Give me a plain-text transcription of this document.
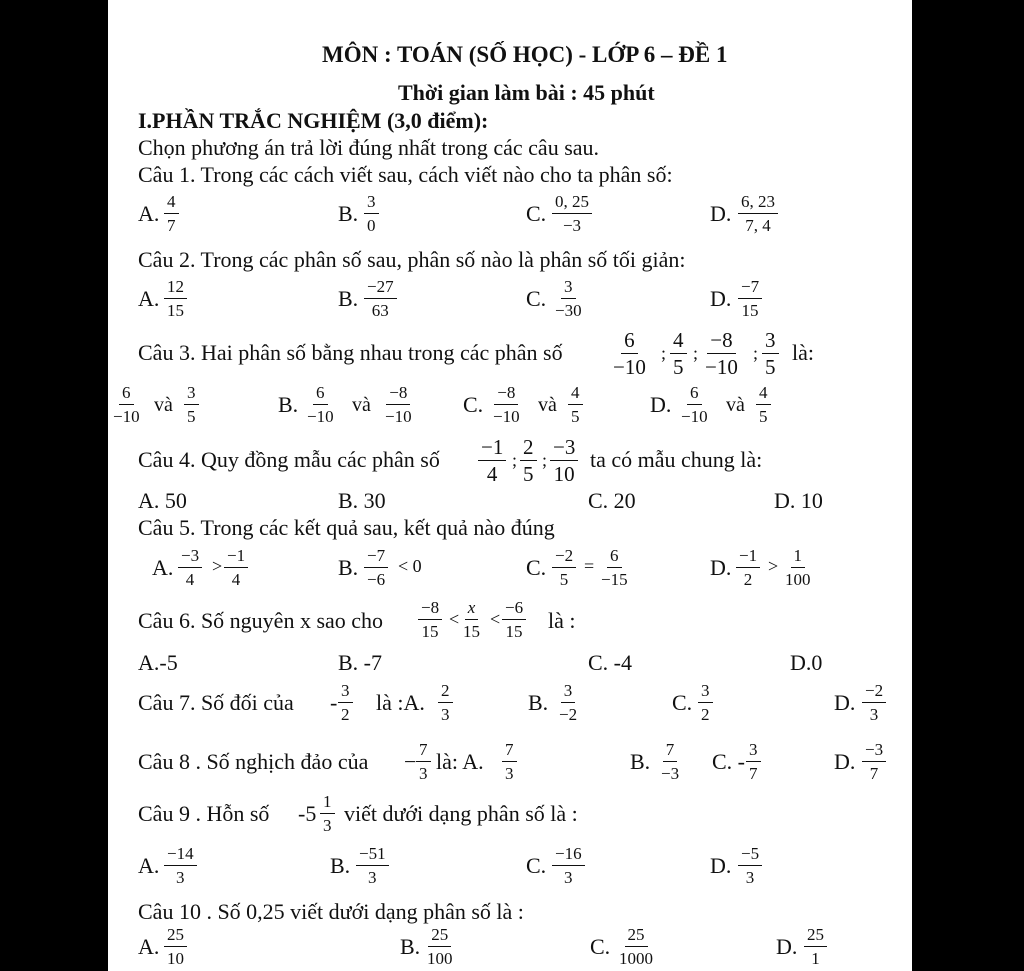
MÔN : TOÁN (SỐ HỌC) - LỚP 6 – ĐỀ 1
Thời gian làm bài : 45 phút
I.PHẦN TRẮC NGHIỆM (3,0 điểm):
Chọn phương án trả lời đúng nhất trong các câu sau.
Câu 1. Trong các cách viết sau, cách viết nào cho ta phân số:
A. $\frac{4}{7}$	B. $\frac{3}{0}$	C. $\frac{0, 25}{-3}$	D. $\frac{6, 23}{7, 4}$
Câu 2. Trong các phân số sau, phân số nào là phân số tối giản:
A. $\frac{12}{15}$	B. $\frac{-27}{63}$	C. $\frac{3}{-30}$	D. $\frac{-7}{15}$
Câu 3. Hai phân số bằng nhau trong các phân số $\frac{6}{-10}$ ; $\frac{4}{5}$ ; $\frac{-8}{-10}$ ; $\frac{3}{5}$ là:
$\frac{6}{-10}$ và $\frac{3}{5}$	B. $\frac{6}{-10}$ và $\frac{-8}{-10} C$. $\frac{-8}{-10}$ và $\frac{4}{5}$	D. $\frac{6}{-10}$ và $\frac{4}{5}$
Câu 4. Quy đồng mẫu các phân số $\frac{-1}{4}$ ; $\frac{2}{5}$ ; $\frac{-3}{10}$ ta có mẫu chung là:
A. 50	B. 30	C. 20	D. 10
Câu 5. Trong các kết quả sau, kết quả nào đúng
A. $\frac{-3}{4} > \frac{-1}{4}$	B. $\frac{-7}{-6} < 0$	C. $\frac{-2}{5} = \frac{6}{-15}$	D. $\frac{-1}{2} > \frac{1}{100}$
Câu 6. Số nguyên x sao cho $\frac{-8}{15} < \frac{x}{15} < \frac{-6}{15}$ là :
A.-5	B. -7	C. -4	D.0
Câu 7. Số đối của - $\frac{3}{2}$ là :A. $\frac{2}{3}$	B. $\frac{3}{-2}$	C. $\frac{3}{2}$	D. $\frac{-2}{3}$
Câu 8 . Số nghịch đảo của − $\frac{7}{3}$ là: A. $\frac{7}{3}$	B. $\frac{7}{-3} C$. - $\frac{3}{7}$	D. $\frac{-3}{7}$
Câu 9 . Hỗn số $-5 \frac{1}{3}$ viết dưới dạng phân số là :
A. $\frac{-14}{3}$	B. $\frac{-51}{3}$	C. $\frac{-16}{3}$	D. $\frac{-5}{3}$
Câu 10 . Số 0,25 viết dưới dạng phân số là :
A. $\frac{25}{10}$	B. $\frac{25}{100}$	C. $\frac{25}{1000}$	D. $\frac{25}{1}$
